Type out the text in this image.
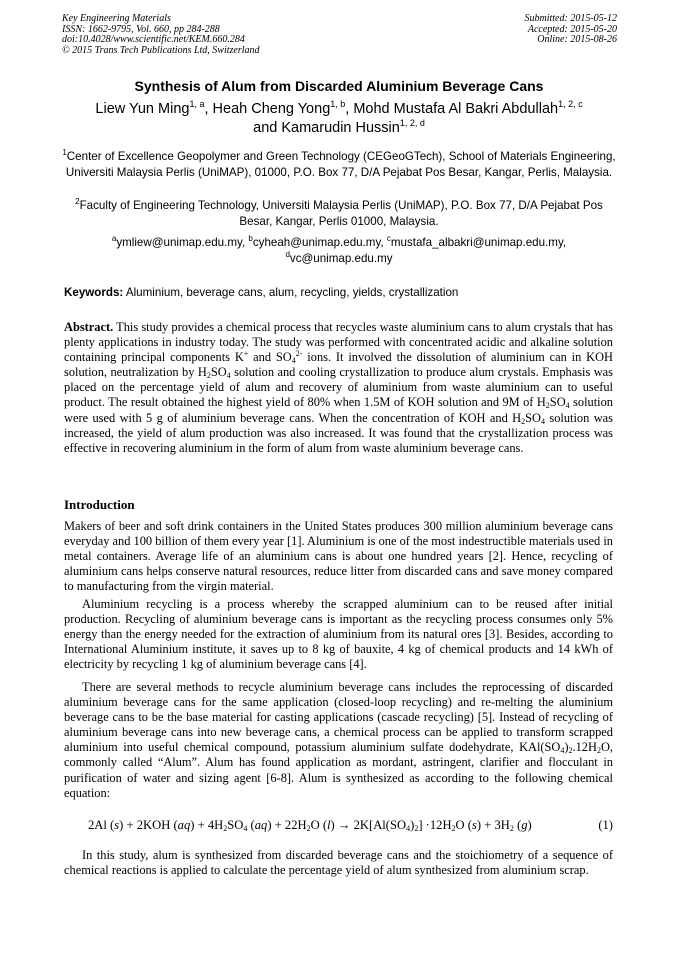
Key Engineering Materials
ISSN: 1662-9795, Vol. 660, pp 284-288
doi:10.4028/www.scientific.net/KEM.660.284
© 2015 Trans Tech Publications Ltd, Switzerland
Submitted: 2015-05-12
Accepted: 2015-05-20
Online: 2015-08-26
Synthesis of Alum from Discarded Aluminium Beverage Cans
Liew Yun Ming$^{1, a}$, Heah Cheng Yong$^{1, b}$, Mohd Mustafa Al Bakri Abdullah$^{1, 2, c}$
and Kamarudin Hussin$^{1, 2, d}$
$^1$Center of Excellence Geopolymer and Green Technology (CEGeoGTech), School of Materials Engineering, Universiti Malaysia Perlis (UniMAP), 01000, P.O. Box 77, D/A Pejabat Pos Besar, Kangar, Perlis, Malaysia.
$^2$Faculty of Engineering Technology, Universiti Malaysia Perlis (UniMAP), P.O. Box 77, D/A Pejabat Pos Besar, Kangar, Perlis 01000, Malaysia.
$^a$ymliew@unimap.edu.my, $^b$cyheah@unimap.edu.my, $^c$mustafa_albakri@unimap.edu.my,
$^d$vc@unimap.edu.my
Keywords: Aluminium, beverage cans, alum, recycling, yields, crystallization
Abstract. This study provides a chemical process that recycles waste aluminium cans to alum crystals that has plenty applications in industry today. The study was performed with concentrated acidic and alkaline solution containing principal components K+ and $SO_4^{2-}$ ions. It involved the dissolution of aluminium can in KOH solution, neutralization by $H_2SO_4$ solution and cooling crystallization to produce alum crystals. Emphasis was placed on the percentage yield of alum and recovery of aluminium from waste aluminium can to useful product. The result obtained the highest yield of 80% when 1.5M of KOH solution and 9M of $H_2SO_4$ solution were used with 5 g of aluminium beverage cans. When the concentration of KOH and $H_2SO_4$ solution was increased, the yield of alum production was also increased. It was found that the crystallization process was effective in recovering aluminium in the form of alum from waste aluminium beverage cans.
Introduction
Makers of beer and soft drink containers in the United States produces 300 million aluminium beverage cans everyday and 100 billion of them every year [1]. Aluminium is one of the most indestructible materials used in metal containers. Average life of an aluminium cans is about one hundred years [2]. Hence, recycling of aluminium cans helps conserve natural resources, reduce litter from discarded cans and save money compared to manufacturing from the virgin material.
Aluminium recycling is a process whereby the scrapped aluminium can to be reused after initial production. Recycling of aluminium beverage cans is important as the recycling process consumes only 5% energy than the energy needed for the extraction of aluminium from its natural ores [3]. Besides, according to International Aluminium institute, it saves up to 8 kg of bauxite, 4 kg of chemical products and 14 kWh of electricity by recycling 1 kg of aluminium beverage cans [4].
There are several methods to recycle aluminium beverage cans includes the reprocessing of discarded aluminium beverage cans for the same application (closed-loop recycling) and re-melting the aluminium beverage cans to be the base material for casting applications (cascade recycling) [5]. Instead of recycling of aluminium beverage cans into new beverage cans, a chemical process can be applied to transform scrapped aluminium into useful chemical compound, potassium aluminium sulfate dodehydrate, $KAl(SO_4)_2.12H_2O$, commonly called “Alum”. Alum has found application as mordant, astringent, clarifier and flocculant in purification of water and sizing agent [6-8]. Alum is synthesized as according to the following chemical equation:
2Al (s) + 2KOH $(aq) + 4H_2SO_4$ $(aq) + 22H_2O$ $(l) \to 2K[Al(SO_4)_2] \cdot 12H_2O$ $(s) + 3H_2$ (g)	(1)
In this study, alum is synthesized from discarded beverage cans and the stoichiometry of a sequence of chemical reactions is applied to calculate the percentage yield of alum synthesized from aluminium scrap.
